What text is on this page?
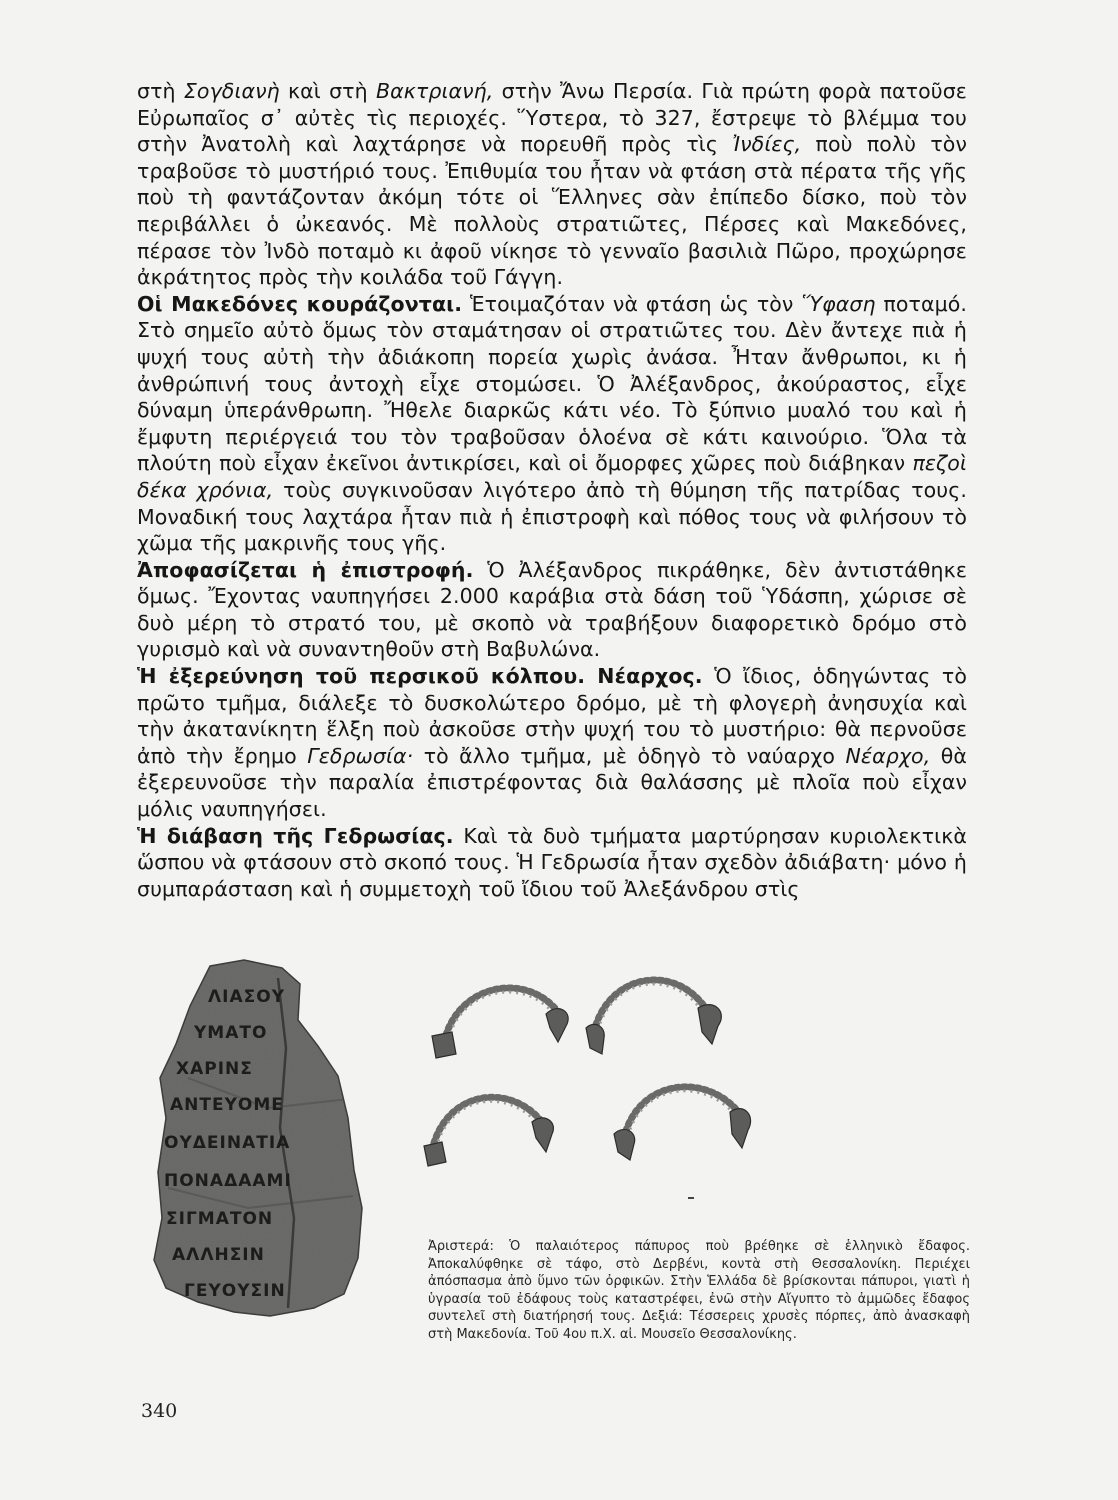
στὴ Σογδιανὴ καὶ στὴ Βακτριανή, στὴν Ἄνω Περσία. Γιὰ πρώτη φορὰ πατοῦσε Εὐρωπαῖος σ᾿ αὐτὲς τὶς περιοχές. Ὕστερα, τὸ 327, ἔστρεψε τὸ βλέμμα του στὴν Ἀνατολὴ καὶ λαχτάρησε νὰ πορευθῆ πρὸς τὶς Ἰνδίες, ποὺ πολὺ τὸν τραβοῦσε τὸ μυστήριό τους. Ἐπιθυμία του ἦταν νὰ φτάση στὰ πέρατα τῆς γῆς ποὺ τὴ φαντάζονταν ἀκόμη τότε οἱ Ἕλληνες σὰν ἐπίπεδο δίσκο, ποὺ τὸν περιβάλλει ὁ ὠκεανός. Μὲ πολλοὺς στρατιῶτες, Πέρσες καὶ Μακεδόνες, πέρασε τὸν Ἰνδὸ ποταμὸ κι ἀφοῦ νίκησε τὸ γενναῖο βασιλιὰ Πῶρο, προχώρησε ἀκράτητος πρὸς τὴν κοιλάδα τοῦ Γάγγη.

Οἱ Μακεδόνες κουράζονται. Ἑτοιμαζόταν νὰ φτάση ὡς τὸν Ὕφαση ποταμό. Στὸ σημεῖο αὐτὸ ὅμως τὸν σταμάτησαν οἱ στρατιῶτες του. Δὲν ἄντεχε πιὰ ἡ ψυχή τους αὐτὴ τὴν ἀδιάκοπη πορεία χωρὶς ἀνάσα. Ἦταν ἄνθρωποι, κι ἡ ἀνθρώπινή τους ἀντοχὴ εἶχε στομώσει. Ὁ Ἀλέξανδρος, ἀκούραστος, εἶχε δύναμη ὑπεράνθρωπη. Ἤθελε διαρκῶς κάτι νέο. Τὸ ξύπνιο μυαλό του καὶ ἡ ἔμφυτη περιέργειά του τὸν τραβοῦσαν ὁλοένα σὲ κάτι καινούριο. Ὅλα τὰ πλούτη ποὺ εἶχαν ἐκεῖνοι ἀντικρίσει, καὶ οἱ ὄμορφες χῶρες ποὺ διάβηκαν πεζοὶ δέκα χρόνια, τοὺς συγκινοῦσαν λιγότερο ἀπὸ τὴ θύμηση τῆς πατρίδας τους. Μοναδική τους λαχτάρα ἦταν πιὰ ἡ ἐπιστροφὴ καὶ πόθος τους νὰ φιλήσουν τὸ χῶμα τῆς μακρινῆς τους γῆς.

Ἀποφασίζεται ἡ ἐπιστροφή. Ὁ Ἀλέξανδρος πικράθηκε, δὲν ἀντιστάθηκε ὅμως. Ἔχοντας ναυπηγήσει 2.000 καράβια στὰ δάση τοῦ Ὑδάσπη, χώρισε σὲ δυὸ μέρη τὸ στρατό του, μὲ σκοπὸ νὰ τραβήξουν διαφορετικὸ δρόμο στὸ γυρισμὸ καὶ νὰ συναντηθοῦν στὴ Βαβυλώνα.

Ἡ ἐξερεύνηση τοῦ περσικοῦ κόλπου. Νέαρχος. Ὁ ἴδιος, ὁδηγώντας τὸ πρῶτο τμῆμα, διάλεξε τὸ δυσκολώτερο δρόμο, μὲ τὴ φλογερὴ ἀνησυχία καὶ τὴν ἀκατανίκητη ἕλξη ποὺ ἀσκοῦσε στὴν ψυχή του τὸ μυστήριο: θὰ περνοῦσε ἀπὸ τὴν ἔρημο Γεδρωσία· τὸ ἄλλο τμῆμα, μὲ ὁδηγὸ τὸ ναύαρχο Νέαρχο, θὰ ἐξερευνοῦσε τὴν παραλία ἐπιστρέφοντας διὰ θαλάσσης μὲ πλοῖα ποὺ εἶχαν μόλις ναυπηγήσει.

Ἡ διάβαση τῆς Γεδρωσίας. Καὶ τὰ δυὸ τμήματα μαρτύρησαν κυριολεκτικὰ ὥσπου νὰ φτάσουν στὸ σκοπό τους. Ἡ Γεδρωσία ἦταν σχεδὸν ἀδιάβατη· μόνο ἡ συμπαράσταση καὶ ἡ συμμετοχὴ τοῦ ἴδιου τοῦ Ἀλεξάνδρου στὶς

ΛΙΑΣΟΥ
ΥΜΑΤΟ
ΧΑΡΙΝΣ
ΑΝΤΕΥΟΜΕ
ΟΥΔΕΙΝΑΤΙΑ
ΠΟΝΑΔΑΑΜΙ
ΣΙΓΜΑΤΟΝ
ΑΛΛΗΣΙΝ
ΓΕΥΟΥΣΙΝ

Ἀριστερά: Ὁ παλαιότερος πάπυρος ποὺ βρέθηκε σὲ ἑλληνικὸ ἔδαφος. Ἀποκαλύφθηκε σὲ τάφο, στὸ Δερβένι, κοντὰ στὴ Θεσσαλονίκη. Περιέχει ἀπόσπασμα ἀπὸ ὕμνο τῶν ὀρφικῶν. Στὴν Ἑλλάδα δὲ βρίσκονται πάπυροι, γιατὶ ἡ ὑγρασία τοῦ ἐδάφους τοὺς καταστρέφει, ἐνῶ στὴν Αἴγυπτο τὸ ἀμμῶδες ἔδαφος συντελεῖ στὴ διατήρησή τους. Δεξιά: Τέσσερεις χρυσὲς πόρπες, ἀπὸ ἀνασκαφὴ στὴ Μακεδονία. Τοῦ 4ου π.Χ. αἰ. Μουσεῖο Θεσσαλονίκης.

340
